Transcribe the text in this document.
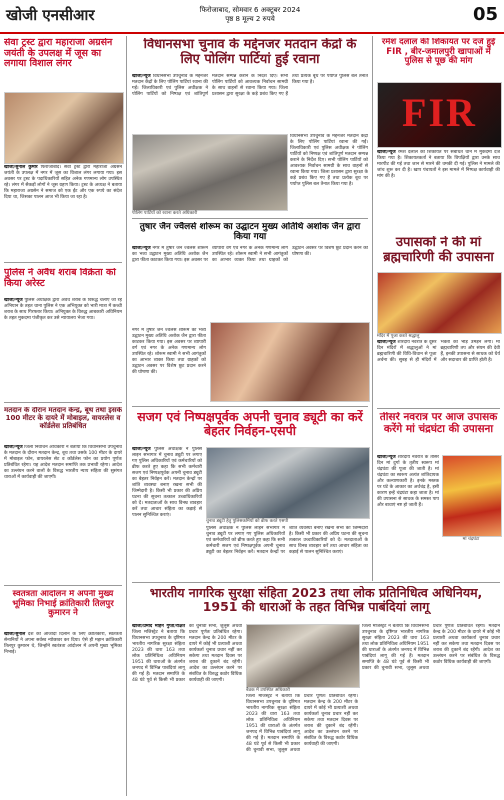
खोजी एनसीआर	फिरोजाबाद, सोमवार 6 अक्टूबर 2024
पृष्ठ 8 मूल्य 2 रुपये	05
सेवा ट्रस्ट द्वारा महाराजा अग्रसेन जयंती के उपलक्ष में जूस का लगाया विशाल लंगर
खोजी/सुनील कुमार फिरोजाबाद। सेवा ट्रस्ट द्वारा महाराजा अग्रसेन जयंती के उपलक्ष में नगर में जूस का विशाल लंगर लगाया गया। इस अवसर पर ट्रस्ट के पदाधिकारियों सहित अनेक गणमान्य लोग उपस्थित रहे। लंगर में सैकड़ों लोगों ने जूस ग्रहण किया। ट्रस्ट के अध्यक्ष ने बताया कि महाराजा अग्रसेन ने समाज को एक ईंट और एक रुपये का संदेश दिया था, जिसका पालन आज भी किया जा रहा है।
पुलिस ने अवैध शराब विक्रेता को किया अरेस्ट
खोजी/न्यूज पुलिस अधीक्षक द्वारा अवैध शराब के विरुद्ध चलाए जा रहे अभियान के तहत थाना पुलिस ने एक अभियुक्त को भारी मात्रा में कच्ची शराब के साथ गिरफ्तार किया। अभियुक्त के विरुद्ध आबकारी अधिनियम के तहत मुकदमा पंजीकृत कर उसे न्यायालय भेजा गया।
मतदान के दौरान मतदान केन्द्र, बूथ तथा इसके 100 मीटर के दायरे में मोबाइल, वायरलेस व कॉर्डलेस प्रतिबंधित
खोजी/न्यूज जिला निर्वाचन अधिकारी ने बताया कि विधानसभा उपचुनाव के मतदान के दौरान मतदान केन्द्र, बूथ तथा उसके 100 मीटर के दायरे में मोबाइल फोन, वायरलेस सेट व कॉर्डलेस फोन का प्रयोग पूर्णतः प्रतिबंधित रहेगा। यह आदेश मतदान समाप्ति तक प्रभावी रहेगा। आदेश का उल्लंघन करने वालों के विरुद्ध भारतीय न्याय संहिता की सुसंगत धाराओं में कार्यवाही की जाएगी।
स्वतंत्रता आंदोलन में अपनी मुख्य भूमिका निभाई क्रांतिकारी तिलपुर कुमारन ने
खोजी/सुनील देश की आजादी दिलाने के लिए क्रांतिकारी, स्वतंत्रता सेनानियों ने अपना सर्वस्व न्योछावर कर दिया। ऐसे ही महान क्रांतिकारी तिलपुर कुमारन थे, जिन्होंने स्वतंत्रता आंदोलन में अपनी मुख्य भूमिका निभाई।
विधानसभा चुनाव के मद्देनजर मतदान केंद्रों के लिए पोलिंग पार्टियां हुई रवाना
खोजी/न्यूज विधानसभा उपचुनाव के मद्देनजर मतदान केंद्रों के लिए पोलिंग पार्टियां रवाना की गईं। जिलाधिकारी एवं पुलिस अधीक्षक ने पोलिंग पार्टियों को निष्पक्ष एवं शांतिपूर्ण मतदान सम्पन्न कराने के निर्देश दिए। सभी पोलिंग पार्टियों को आवश्यक निर्वाचन सामग्री के साथ वाहनों से रवाना किया गया। जिला प्रशासन द्वारा सुरक्षा के कड़े प्रबंध किए गए हैं तथा प्रत्येक बूथ पर पर्याप्त पुलिस बल तैनात किया गया है।
पोलिंग पार्टियों को रवाना करते अधिकारी
विधानसभा उपचुनाव के मद्देनजर मतदान केंद्रों के लिए पोलिंग पार्टियां रवाना की गईं। जिलाधिकारी एवं पुलिस अधीक्षक ने पोलिंग पार्टियों को निष्पक्ष एवं शांतिपूर्ण मतदान सम्पन्न कराने के निर्देश दिए। सभी पोलिंग पार्टियों को आवश्यक निर्वाचन सामग्री के साथ वाहनों से रवाना किया गया। जिला प्रशासन द्वारा सुरक्षा के कड़े प्रबंध किए गए हैं तथा प्रत्येक बूथ पर पर्याप्त पुलिस बल तैनात किया गया है।
तुषार जैन ज्वैलर्स शोरूम का उद्घाटन मुख्य अतिथि अशोक जैन द्वारा किया गया
खोजी/न्यूज नगर में तुषार जैन ज्वैलर्स शोरूम का भव्य उद्घाटन मुख्य अतिथि अशोक जैन द्वारा फीता काटकर किया गया। इस अवसर पर व्यापारी वर्ग एवं नगर के अनेक गणमान्य लोग उपस्थित रहे। शोरूम स्वामी ने सभी आगंतुकों का आभार व्यक्त किया तथा ग्राहकों को उद्घाटन अवसर पर विशेष छूट प्रदान करने की घोषणा की।
नगर में तुषार जैन ज्वैलर्स शोरूम का भव्य उद्घाटन मुख्य अतिथि अशोक जैन द्वारा फीता काटकर किया गया। इस अवसर पर व्यापारी वर्ग एवं नगर के अनेक गणमान्य लोग उपस्थित रहे। शोरूम स्वामी ने सभी आगंतुकों का आभार व्यक्त किया तथा ग्राहकों को उद्घाटन अवसर पर विशेष छूट प्रदान करने की घोषणा की।
सजग एवं निष्पक्षपूर्वक अपनी चुनाव ड्यूटी का करें बेहतर निर्वहन-एसपी
खोजी/न्यूज पुलिस अधीक्षक ने पुलिस लाइन सभागार में चुनाव ड्यूटी पर लगाए गए पुलिस अधिकारियों एवं कर्मचारियों को ब्रीफ करते हुए कहा कि सभी कर्मचारी सजग एवं निष्पक्षपूर्वक अपनी चुनाव ड्यूटी का बेहतर निर्वहन करें। मतदान केन्द्रों पर शांति व्यवस्था बनाए रखना सभी की जिम्मेदारी है। किसी भी प्रकार की अप्रिय घटना की सूचना तत्काल उच्चाधिकारियों को दें। मतदाताओं के साथ विनम्र व्यवहार करें तथा आचार संहिता का कड़ाई से पालन सुनिश्चित कराएं।
चुनाव ड्यूटी हेतु पुलिसकर्मियों को ब्रीफ करते एसपी
पुलिस अधीक्षक ने पुलिस लाइन सभागार में चुनाव ड्यूटी पर लगाए गए पुलिस अधिकारियों एवं कर्मचारियों को ब्रीफ करते हुए कहा कि सभी कर्मचारी सजग एवं निष्पक्षपूर्वक अपनी चुनाव ड्यूटी का बेहतर निर्वहन करें। मतदान केन्द्रों पर शांति व्यवस्था बनाए रखना सभी की जिम्मेदारी है। किसी भी प्रकार की अप्रिय घटना की सूचना तत्काल उच्चाधिकारियों को दें। मतदाताओं के साथ विनम्र व्यवहार करें तथा आचार संहिता का कड़ाई से पालन सुनिश्चित कराएं।
रमेश दलाल की शिकायत पर दर्ज हुई FIR , बीर-जमालपुरी खापाओं में पुलिस से पूछ की मांग
FIR
खोजी/न्यूज रमेश दलाल की शिकायत पर संबंधित थाने में मुकदमा दर्ज किया गया है। शिकायतकर्ता ने बताया कि विपक्षियों द्वारा उनके साथ मारपीट की गई तथा जान से मारने की धमकी दी गई। पुलिस ने मामले की जांच शुरू कर दी है। खाप पंचायतों ने इस मामले में निष्पक्ष कार्यवाही की मांग की है।
उपासकों ने की मां ब्रह्मचारिणी की उपासना
मंदिर में पूजा करते श्रद्धालु
खोजी/न्यूज शारदीय नवरात्र के दूसरे दिन मंदिरों में श्रद्धालुओं ने मां ब्रह्मचारिणी की विधि-विधान से पूजा अर्चना की। सुबह से ही मंदिरों में भक्तों की भीड़ उमड़ने लगी। मां ब्रह्मचारिणी तप और संयम की देवी हैं, इनकी उपासना से साधक को धैर्य और सदाचार की प्राप्ति होती है।
तीसरे नवरात्र पर आज उपासक करेंगे मां चंद्रघंटा की उपासना
खोजी/न्यूज शारदीय नवरात्र के तीसरे दिन मां दुर्गा के तृतीय स्वरूप मां चंद्रघंटा की पूजा की जाती है। मां चंद्रघंटा का स्वरूप अत्यंत शांतिदायक और कल्याणकारी है। इनके मस्तक पर घंटे के आकार का अर्धचंद्र है, इसी कारण इन्हें चंद्रघंटा कहा जाता है। मां की उपासना से साधक के समस्त पाप और बाधाएं नष्ट हो जाती हैं।
मां चंद्रघंटा
भारतीय नागरिक सुरक्षा संहिता 2023 तथा लोक प्रतिनिधित्व अधिनियम, 1951 की धाराओं के तहत विभिन्न पाबंदियां लागू
खोजी/प्रमोद मोहन गुप्ता/रक्षित जिला मजिस्ट्रेट ने बताया कि विधानसभा उपचुनाव के दृष्टिगत भारतीय नागरिक सुरक्षा संहिता 2023 की धारा 163 तथा लोक प्रतिनिधित्व अधिनियम 1951 की धाराओं के अंतर्गत जनपद में विभिन्न पाबंदियां लागू की गई हैं। मतदान समाप्ति के 48 घंटे पूर्व से किसी भी प्रकार की चुनावी सभा, जुलूस अथवा प्रचार पूर्णतः प्रतिबंधित रहेगा। मतदान केन्द्र के 200 मीटर के दायरे में कोई भी प्रत्याशी अथवा कार्यकर्ता चुनाव प्रचार नहीं कर सकेगा तथा मतदान दिवस पर शराब की दुकानें बंद रहेंगी। आदेश का उल्लंघन करने पर संबंधित के विरुद्ध कठोर विधिक कार्यवाही की जाएगी।
बैठक में उपस्थित अधिकारी
जिला मजिस्ट्रेट ने बताया कि विधानसभा उपचुनाव के दृष्टिगत भारतीय नागरिक सुरक्षा संहिता 2023 की धारा 163 तथा लोक प्रतिनिधित्व अधिनियम 1951 की धाराओं के अंतर्गत जनपद में विभिन्न पाबंदियां लागू की गई हैं। मतदान समाप्ति के 48 घंटे पूर्व से किसी भी प्रकार की चुनावी सभा, जुलूस अथवा प्रचार पूर्णतः प्रतिबंधित रहेगा। मतदान केन्द्र के 200 मीटर के दायरे में कोई भी प्रत्याशी अथवा कार्यकर्ता चुनाव प्रचार नहीं कर सकेगा तथा मतदान दिवस पर शराब की दुकानें बंद रहेंगी। आदेश का उल्लंघन करने पर संबंधित के विरुद्ध कठोर विधिक कार्यवाही की जाएगी।
जिला मजिस्ट्रेट ने बताया कि विधानसभा उपचुनाव के दृष्टिगत भारतीय नागरिक सुरक्षा संहिता 2023 की धारा 163 तथा लोक प्रतिनिधित्व अधिनियम 1951 की धाराओं के अंतर्गत जनपद में विभिन्न पाबंदियां लागू की गई हैं। मतदान समाप्ति के 48 घंटे पूर्व से किसी भी प्रकार की चुनावी सभा, जुलूस अथवा प्रचार पूर्णतः प्रतिबंधित रहेगा। मतदान केन्द्र के 200 मीटर के दायरे में कोई भी प्रत्याशी अथवा कार्यकर्ता चुनाव प्रचार नहीं कर सकेगा तथा मतदान दिवस पर शराब की दुकानें बंद रहेंगी। आदेश का उल्लंघन करने पर संबंधित के विरुद्ध कठोर विधिक कार्यवाही की जाएगी।
